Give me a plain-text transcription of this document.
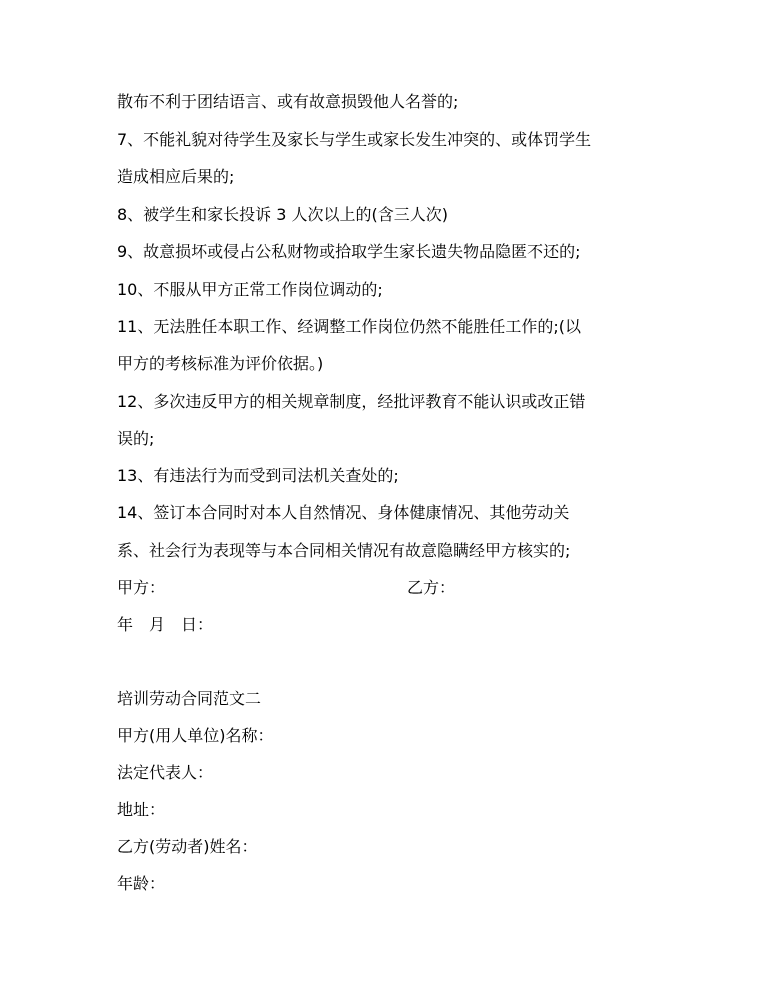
散布不利于团结语言、或有故意损毁他人名誉的;
7、不能礼貌对待学生及家长与学生或家长发生冲突的、或体罚学生
造成相应后果的;
8、被学生和家长投诉 3 人次以上的(含三人次)
9、故意损坏或侵占公私财物或拾取学生家长遗失物品隐匿不还的;
10、不服从甲方正常工作岗位调动的;
11、无法胜任本职工作、经调整工作岗位仍然不能胜任工作的;(以
甲方的考核标准为评价依据。)
12、多次违反甲方的相关规章制度，经批评教育不能认识或改正错
误的;
13、有违法行为而受到司法机关查处的;
14、签订本合同时对本人自然情况、身体健康情况、其他劳动关
系、社会行为表现等与本合同相关情况有故意隐瞒经甲方核实的;
甲方：	乙方：
年　月　日：
培训劳动合同范文二
甲方(用人单位)名称：
法定代表人：
地址：
乙方(劳动者)姓名：
年龄：
